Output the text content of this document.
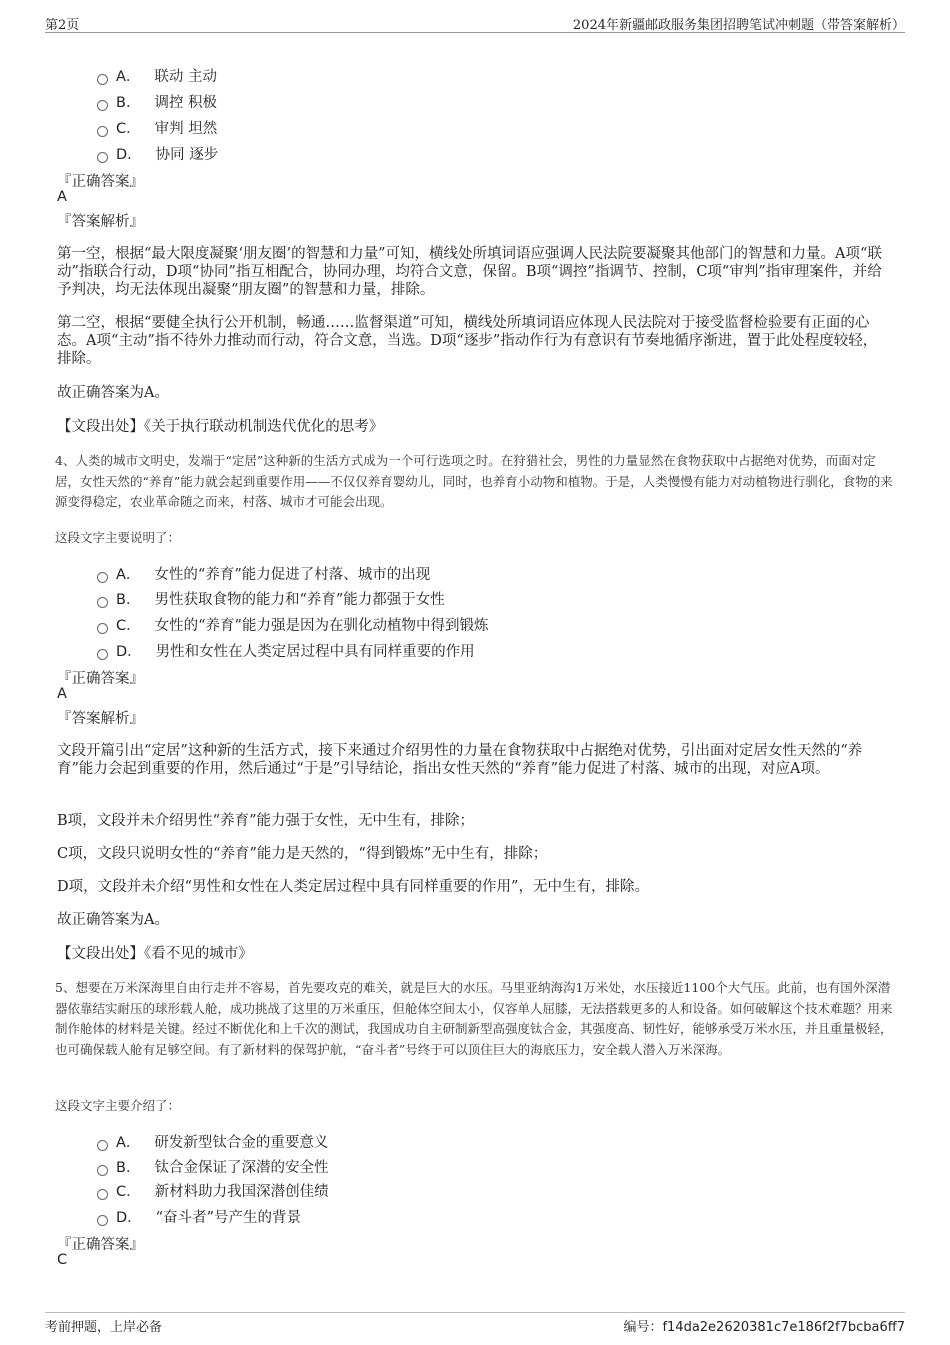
第2页	2024年新疆邮政服务集团招聘笔试冲刺题（带答案解析）
A． 联动 主动
B． 调控 积极
C． 审判 坦然
D． 协同 逐步
『正确答案』
A
『答案解析』
第一空，根据“最大限度凝聚‘朋友圈’的智慧和力量”可知，横线处所填词语应强调人民法院要凝聚其他部门的智慧和力量。A项“联动”指联合行动，D项“协同”指互相配合，协同办理，均符合文意，保留。B项“调控”指调节、控制，C项“审判”指审理案件，并给予判决，均无法体现出凝聚“朋友圈”的智慧和力量，排除。
第二空，根据“要健全执行公开机制，畅通……监督渠道”可知，横线处所填词语应体现人民法院对于接受监督检验要有正面的心态。A项“主动”指不待外力推动而行动，符合文意，当选。D项“逐步”指动作行为有意识有节奏地循序渐进，置于此处程度较轻，排除。
故正确答案为A。
【文段出处】《关于执行联动机制迭代优化的思考》
4、人类的城市文明史，发端于“定居”这种新的生活方式成为一个可行选项之时。在狩猎社会，男性的力量显然在食物获取中占据绝对优势，而面对定居，女性天然的“养育”能力就会起到重要作用——不仅仅养育婴幼儿，同时，也养育小动物和植物。于是，人类慢慢有能力对动植物进行驯化，食物的来源变得稳定，农业革命随之而来，村落、城市才可能会出现。
这段文字主要说明了：
A． 女性的“养育”能力促进了村落、城市的出现
B． 男性获取食物的能力和“养育”能力都强于女性
C． 女性的“养育”能力强是因为在驯化动植物中得到锻炼
D． 男性和女性在人类定居过程中具有同样重要的作用
『正确答案』
A
『答案解析』
文段开篇引出“定居”这种新的生活方式，接下来通过介绍男性的力量在食物获取中占据绝对优势，引出面对定居女性天然的“养育”能力会起到重要的作用，然后通过“于是”引导结论，指出女性天然的“养育”能力促进了村落、城市的出现，对应A项。
B项，文段并未介绍男性“养育”能力强于女性，无中生有，排除；
C项，文段只说明女性的“养育”能力是天然的，“得到锻炼”无中生有，排除；
D项，文段并未介绍“男性和女性在人类定居过程中具有同样重要的作用”，无中生有，排除。
故正确答案为A。
【文段出处】《看不见的城市》
5、想要在万米深海里自由行走并不容易，首先要攻克的难关，就是巨大的水压。马里亚纳海沟1万米处，水压接近1100个大气压。此前，也有国外深潜器依靠结实耐压的球形载人舱，成功挑战了这里的万米重压，但舱体空间太小，仅容单人屈膝，无法搭载更多的人和设备。如何破解这个技术难题？用来制作舱体的材料是关键。经过不断优化和上千次的测试，我国成功自主研制新型高强度钛合金，其强度高、韧性好，能够承受万米水压，并且重量极轻，也可确保载人舱有足够空间。有了新材料的保驾护航，“奋斗者”号终于可以顶住巨大的海底压力，安全载人潜入万米深海。
这段文字主要介绍了：
A． 研发新型钛合金的重要意义
B． 钛合金保证了深潜的安全性
C． 新材料助力我国深潜创佳绩
D． “奋斗者”号产生的背景
『正确答案』
C
考前押题，上岸必备	编号：f14da2e2620381c7e186f2f7bcba6ff7
